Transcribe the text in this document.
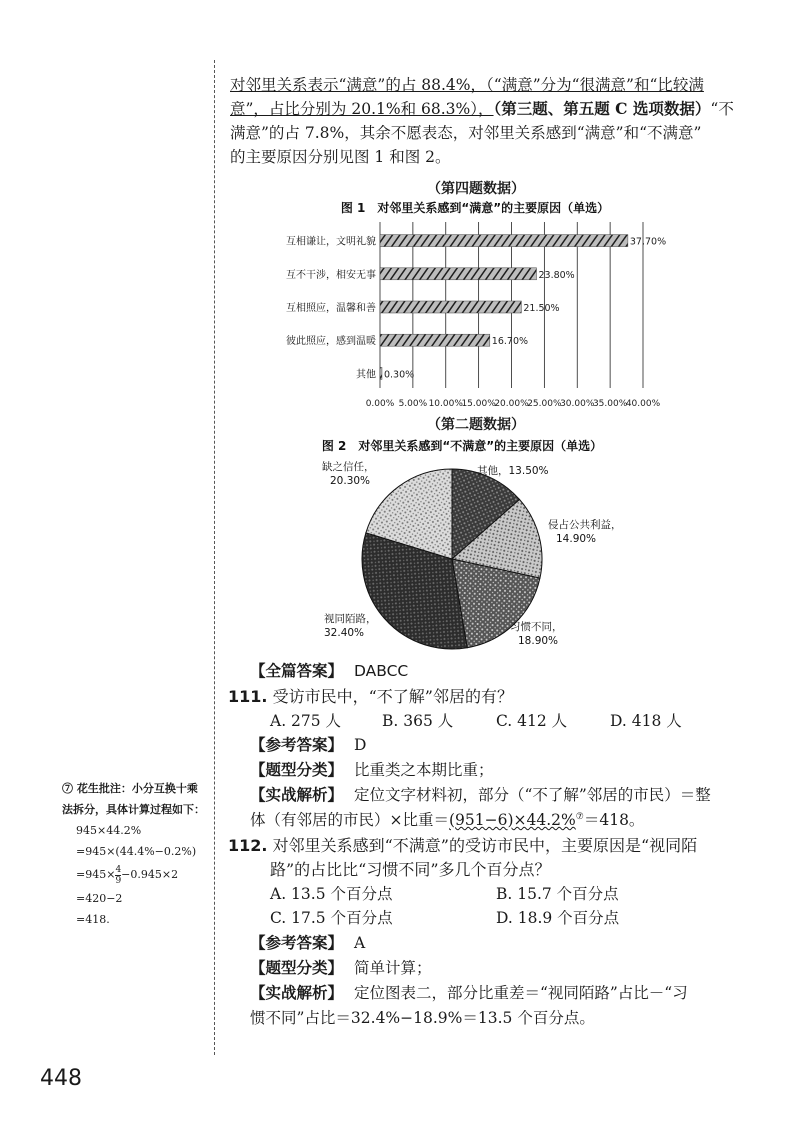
对邻里关系表示“满意”的占 88.4%，（“满意”分为“很满意”和“比较满
意”，占比分别为 20.1%和 68.3%），（第三题、第五题 C 选项数据）“不
满意”的占 7.8%，其余不愿表态，对邻里关系感到“满意”和“不满意”
的主要原因分别见图 1 和图 2。
（第四题数据）
图 1　对邻里关系感到“满意”的主要原因（单选）
0.00% 5.00% 10.00%
15.00%
20.00%
25.00%
30.00%
35.00%
40.00%
互相谦让，文明礼貌	37.70%
互不干涉，相安无事	23.80%
互相照应，温馨和善	21.50%
彼此照应，感到温暖	16.70%
其他 0.30%
（第二题数据）
图 2　对邻里关系感到“不满意”的主要原因（单选）
其他，13.50%
侵占公共利益，
14.90%
习惯不同，
18.90%
视同陌路，
32.40%
缺之信任，
20.30%
【全篇答案】 DABCC
111. 受访市民中，“不了解”邻居的有？
A. 275 人	B. 365 人	C. 412 人	D. 418 人
【参考答案】 D
【题型分类】 比重类之本期比重；
【实战解析】 定位文字材料初，部分（“不了解”邻居的市民）＝整
体（有邻居的市民）×比重＝(951−6)×44.2%⑦＝418。
112. 对邻里关系感到“不满意”的受访市民中，主要原因是“视同陌
路”的占比比“习惯不同”多几个百分点？
A. 13.5 个百分点	B. 15.7 个百分点
C. 17.5 个百分点	D. 18.9 个百分点
【参考答案】 A
【题型分类】 简单计算；
【实战解析】 定位图表二，部分比重差＝“视同陌路”占比－“习
惯不同”占比＝32.4%−18.9%＝13.5 个百分点。
⑦ 花生批注：小分互换十乘
法拆分，具体计算过程如下：
945×44.2%
=945×(44.4%−0.2%)
$=945\times \frac{4}{9} -0.945\times 2$
=420−2
=418.
448
